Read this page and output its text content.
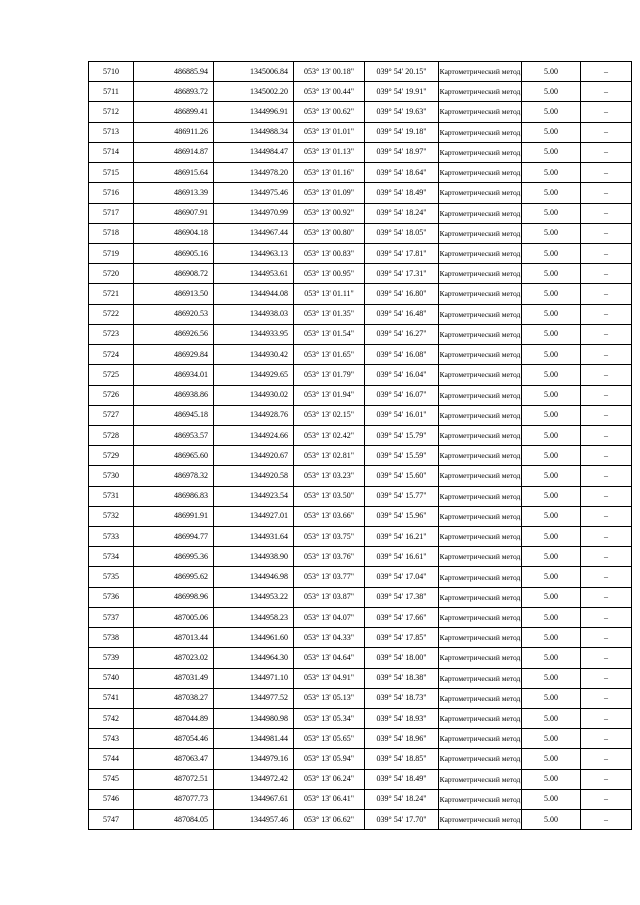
5710	486885.94	1345006.84	053° 13' 00.18"	039° 54' 20.15"	Картометрический метод	5.00	–
5711	486893.72	1345002.20	053° 13' 00.44"	039° 54' 19.91"	Картометрический метод	5.00	–
5712	486899.41	1344996.91	053° 13' 00.62"	039° 54' 19.63"	Картометрический метод	5.00	–
5713	486911.26	1344988.34	053° 13' 01.01"	039° 54' 19.18"	Картометрический метод	5.00	–
5714	486914.87	1344984.47	053° 13' 01.13"	039° 54' 18.97"	Картометрический метод	5.00	–
5715	486915.64	1344978.20	053° 13' 01.16"	039° 54' 18.64"	Картометрический метод	5.00	–
5716	486913.39	1344975.46	053° 13' 01.09"	039° 54' 18.49"	Картометрический метод	5.00	–
5717	486907.91	1344970.99	053° 13' 00.92"	039° 54' 18.24"	Картометрический метод	5.00	–
5718	486904.18	1344967.44	053° 13' 00.80"	039° 54' 18.05"	Картометрический метод	5.00	–
5719	486905.16	1344963.13	053° 13' 00.83"	039° 54' 17.81"	Картометрический метод	5.00	–
5720	486908.72	1344953.61	053° 13' 00.95"	039° 54' 17.31"	Картометрический метод	5.00	–
5721	486913.50	1344944.08	053° 13' 01.11"	039° 54' 16.80"	Картометрический метод	5.00	–
5722	486920.53	1344938.03	053° 13' 01.35"	039° 54' 16.48"	Картометрический метод	5.00	–
5723	486926.56	1344933.95	053° 13' 01.54"	039° 54' 16.27"	Картометрический метод	5.00	–
5724	486929.84	1344930.42	053° 13' 01.65"	039° 54' 16.08"	Картометрический метод	5.00	–
5725	486934.01	1344929.65	053° 13' 01.79"	039° 54' 16.04"	Картометрический метод	5.00	–
5726	486938.86	1344930.02	053° 13' 01.94"	039° 54' 16.07"	Картометрический метод	5.00	–
5727	486945.18	1344928.76	053° 13' 02.15"	039° 54' 16.01"	Картометрический метод	5.00	–
5728	486953.57	1344924.66	053° 13' 02.42"	039° 54' 15.79"	Картометрический метод	5.00	–
5729	486965.60	1344920.67	053° 13' 02.81"	039° 54' 15.59"	Картометрический метод	5.00	–
5730	486978.32	1344920.58	053° 13' 03.23"	039° 54' 15.60"	Картометрический метод	5.00	–
5731	486986.83	1344923.54	053° 13' 03.50"	039° 54' 15.77"	Картометрический метод	5.00	–
5732	486991.91	1344927.01	053° 13' 03.66"	039° 54' 15.96"	Картометрический метод	5.00	–
5733	486994.77	1344931.64	053° 13' 03.75"	039° 54' 16.21"	Картометрический метод	5.00	–
5734	486995.36	1344938.90	053° 13' 03.76"	039° 54' 16.61"	Картометрический метод	5.00	–
5735	486995.62	1344946.98	053° 13' 03.77"	039° 54' 17.04"	Картометрический метод	5.00	–
5736	486998.96	1344953.22	053° 13' 03.87"	039° 54' 17.38"	Картометрический метод	5.00	–
5737	487005.06	1344958.23	053° 13' 04.07"	039° 54' 17.66"	Картометрический метод	5.00	–
5738	487013.44	1344961.60	053° 13' 04.33"	039° 54' 17.85"	Картометрический метод	5.00	–
5739	487023.02	1344964.30	053° 13' 04.64"	039° 54' 18.00"	Картометрический метод	5.00	–
5740	487031.49	1344971.10	053° 13' 04.91"	039° 54' 18.38"	Картометрический метод	5.00	–
5741	487038.27	1344977.52	053° 13' 05.13"	039° 54' 18.73"	Картометрический метод	5.00	–
5742	487044.89	1344980.98	053° 13' 05.34"	039° 54' 18.93"	Картометрический метод	5.00	–
5743	487054.46	1344981.44	053° 13' 05.65"	039° 54' 18.96"	Картометрический метод	5.00	–
5744	487063.47	1344979.16	053° 13' 05.94"	039° 54' 18.85"	Картометрический метод	5.00	–
5745	487072.51	1344972.42	053° 13' 06.24"	039° 54' 18.49"	Картометрический метод	5.00	–
5746	487077.73	1344967.61	053° 13' 06.41"	039° 54' 18.24"	Картометрический метод	5.00	–
5747	487084.05	1344957.46	053° 13' 06.62"	039° 54' 17.70"	Картометрический метод	5.00	–
